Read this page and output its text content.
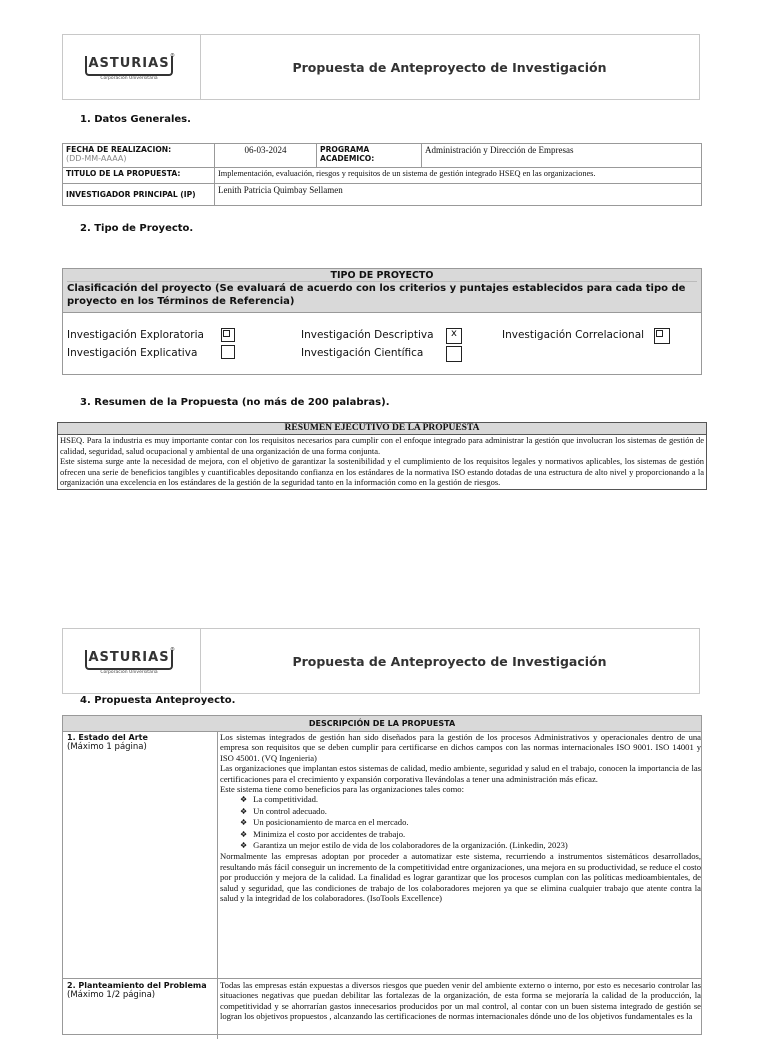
ASTURIAS ®
Corporación Universitaria
Propuesta de Anteproyecto de Investigación
1. Datos Generales.
FECHA DE REALIZACION:
(DD-MM-AAAA)	06-03-2024	PROGRAMA ACADEMICO:	Administración y Dirección de Empresas
TITULO DE LA PROPUESTA:	Implementación, evaluación, riesgos y requisitos de un sistema de gestión integrado HSEQ en las organizaciones.		
INVESTIGADOR PRINCIPAL (IP)	Lenith Patricia Quimbay Sellamen		
2. Tipo de Proyecto.
TIPO DE PROYECTO
Clasificación del proyecto (Se evaluará de acuerdo con los criterios y puntajes establecidos para cada tipo de proyecto en los Términos de Referencia)
Investigación Exploratoria	Investigación Descriptiva	x	Investigación Correlacional
Investigación Explicativa	Investigación Científica
3. Resumen de la Propuesta (no más de 200 palabras).
RESUMEN EJECUTIVO DE LA PROPUESTA
HSEQ. Para la industria es muy importante contar con los requisitos necesarios para cumplir con el enfoque integrado para administrar la gestión que involucran los sistemas de gestión de calidad, seguridad, salud ocupacional y ambiental de una organización de una forma conjunta.
Este sistema surge ante la necesidad de mejora, con el objetivo de garantizar la sostenibilidad y el cumplimiento de los requisitos legales y normativos aplicables, los sistemas de gestión ofrecen una serie de beneficios tangibles y cuantificables depositando confianza en los estándares de la normativa ISO estando dotadas de una estructura de alto nivel y proporcionando a la organización una excelencia en los estándares de la gestión de la seguridad tanto en la información como en la gestión de riesgos.
ASTURIAS ®
Corporación Universitaria
Propuesta de Anteproyecto de Investigación
4. Propuesta Anteproyecto.
DESCRIPCIÓN DE LA PROPUESTA
1. Estado del Arte
(Máximo 1 página)
Los sistemas integrados de gestión han sido diseñados para la gestión de los procesos Administrativos y operacionales dentro de una empresa son requisitos que se deben cumplir para certificarse en dichos campos con las normas internacionales ISO 9001. ISO 14001 y ISO 45001. (VQ Ingenieria)
Las organizaciones que implantan estos sistemas de calidad, medio ambiente, seguridad y salud en el trabajo, conocen la importancia de las certificaciones para el crecimiento y expansión corporativa llevándolas a tener una administración más eficaz.
Este sistema tiene como beneficios para las organizaciones tales como:
❖ La competitividad.
❖ Un control adecuado.
❖ Un posicionamiento de marca en el mercado.
❖ Minimiza el costo por accidentes de trabajo.
❖ Garantiza un mejor estilo de vida de los colaboradores de la organización. (Linkedin, 2023)
Normalmente las empresas adoptan por proceder a automatizar este sistema, recurriendo a instrumentos sistemáticos desarrollados, resultando más fácil conseguir un incremento de la competitividad entre organizaciones, una mejora en su productividad, se reduce el costo por producción y mejora de la calidad. La finalidad es lograr garantizar que los procesos cumplan con las políticas medioambientales, de salud y seguridad, que las condiciones de trabajo de los colaboradores mejoren ya que se elimina cualquier trabajo que atente contra la salud y la integridad de los colaboradores. (IsoTools Excellence)
2. Planteamiento del Problema
(Máximo 1/2 página)
Todas las empresas están expuestas a diversos riesgos que pueden venir del ambiente externo o interno, por esto es necesario controlar las situaciones negativas que puedan debilitar las fortalezas de la organización, de esta forma se mejoraría la calidad de la producción, la competitividad y se ahorrarían gastos innecesarios producidos por un mal control, al contar con un buen sistema integrado de gestión se logran los objetivos propuestos , alcanzando las certificaciones de normas internacionales dónde uno de los objetivos fundamentales es la
